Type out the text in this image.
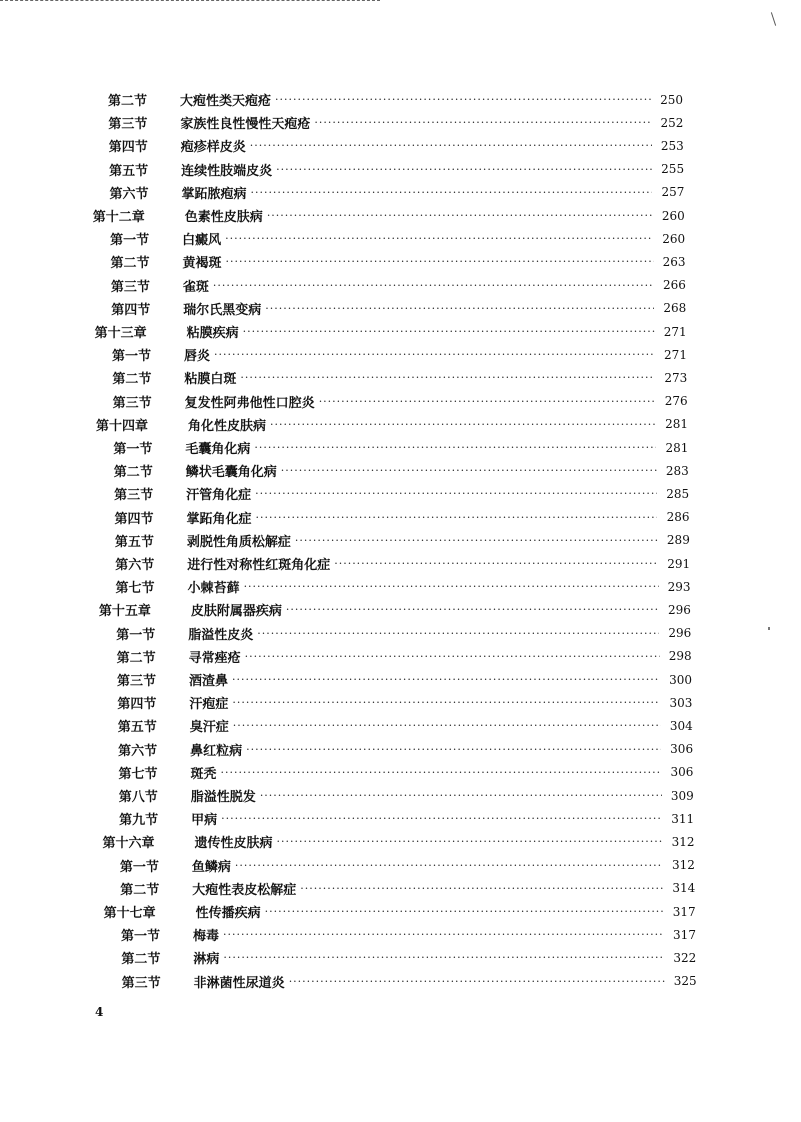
第二节	大疱性类天疱疮 ·····	250
第三节	家族性良性慢性天疱疮 ·····	252
第四节	疱疹样皮炎 ·····	253
第五节	连续性肢端皮炎 ·····	255
第六节	掌跖脓疱病 ·····	257
第十二章	色素性皮肤病 ·····	260
第一节	白癜风 ·····	260
第二节	黄褐斑 ·····	263
第三节	雀斑 ·····	266
第四节	瑞尔氏黑变病 ·····	268
第十三章	粘膜疾病 ·····	271
第一节	唇炎 ·····	271
第二节	粘膜白斑 ·····	273
第三节	复发性阿弗他性口腔炎 ·····	276
第十四章	角化性皮肤病 ·····	281
第一节	毛囊角化病 ·····	281
第二节	鳞状毛囊角化病 ·····	283
第三节	汗管角化症 ·····	285
第四节	掌跖角化症 ·····	286
第五节	剥脱性角质松解症 ·····	289
第六节	进行性对称性红斑角化症 ·····	291
第七节	小棘苔藓 ·····	293
第十五章	皮肤附属器疾病 ·····	296
第一节	脂溢性皮炎 ·····	296
第二节	寻常痤疮 ·····	298
第三节	酒渣鼻 ·····	300
第四节	汗疱症 ·····	303
第五节	臭汗症 ·····	304
第六节	鼻红粒病 ·····	306
第七节	斑秃 ·····	306
第八节	脂溢性脱发 ·····	309
第九节	甲病 ·····	311
第十六章	遗传性皮肤病 ·····	312
第一节	鱼鳞病 ·····	312
第二节	大疱性表皮松解症 ·····	314
第十七章	性传播疾病 ·····	317
第一节	梅毒 ·····	317
第二节	淋病 ·····	322
第三节	非淋菌性尿道炎 ·····	325
4
